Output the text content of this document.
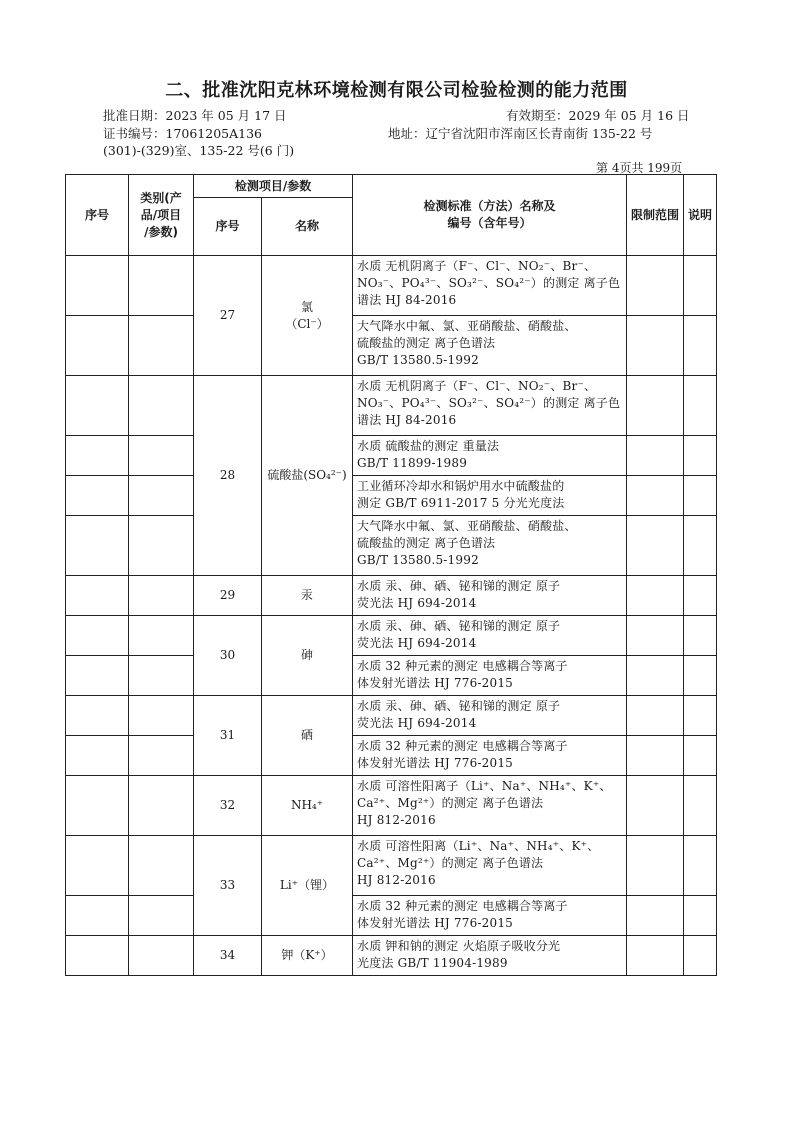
二、批准沈阳克林环境检测有限公司检验检测的能力范围
批准日期：2023 年 05 月 17 日	有效期至：2029 年 05 月 16 日
证书编号：17061205A136	地址：辽宁省沈阳市浑南区长青南街 135-22 号
(301)-(329)室、135-22 号(6 门)
第 4页共 199页
序号	类别(产
品/项目
/参数)	检测项目/参数		检测标准（方法）名称及
编号（含年号）	限制范围	说明
		序号	名称			
		27	氯
（Cl⁻）	水质 无机阴离子（F⁻、Cl⁻、NO₂⁻、Br⁻、
NO₃⁻、PO₄³⁻、SO₃²⁻、SO₄²⁻）的测定 离子色
谱法 HJ 84-2016		

				大气降水中氟、氯、亚硝酸盐、硝酸盐、
硫酸盐的测定 离子色谱法
GB/T 13580.5-1992		

		28	硫酸盐(SO₄²⁻)	水质 无机阴离子（F⁻、Cl⁻、NO₂⁻、Br⁻、
NO₃⁻、PO₄³⁻、SO₃²⁻、SO₄²⁻）的测定 离子色
谱法 HJ 84-2016		

				水质 硫酸盐的测定 重量法
GB/T 11899-1989		

				工业循环冷却水和锅炉用水中硫酸盐的
测定 GB/T 6911-2017 5 分光光度法		

				大气降水中氟、氯、亚硝酸盐、硝酸盐、
硫酸盐的测定 离子色谱法
GB/T 13580.5-1992		

		29	汞	水质 汞、砷、硒、铋和锑的测定 原子
荧光法 HJ 694-2014		

		30	砷	水质 汞、砷、硒、铋和锑的测定 原子
荧光法 HJ 694-2014		

				水质 32 种元素的测定 电感耦合等离子
体发射光谱法 HJ 776-2015		

		31	硒	水质 汞、砷、硒、铋和锑的测定 原子
荧光法 HJ 694-2014		

				水质 32 种元素的测定 电感耦合等离子
体发射光谱法 HJ 776-2015		

		32	NH₄⁺	水质 可溶性阳离子（Li⁺、Na⁺、NH₄⁺、K⁺、
Ca²⁺、Mg²⁺）的测定 离子色谱法
HJ 812-2016		

		33	Li⁺（锂）	水质 可溶性阳离（Li⁺、Na⁺、NH₄⁺、K⁺、
Ca²⁺、Mg²⁺）的测定 离子色谱法
HJ 812-2016		

				水质 32 种元素的测定 电感耦合等离子
体发射光谱法 HJ 776-2015		

		34	钾（K⁺）	水质 钾和钠的测定 火焰原子吸收分光
光度法 GB/T 11904-1989		
